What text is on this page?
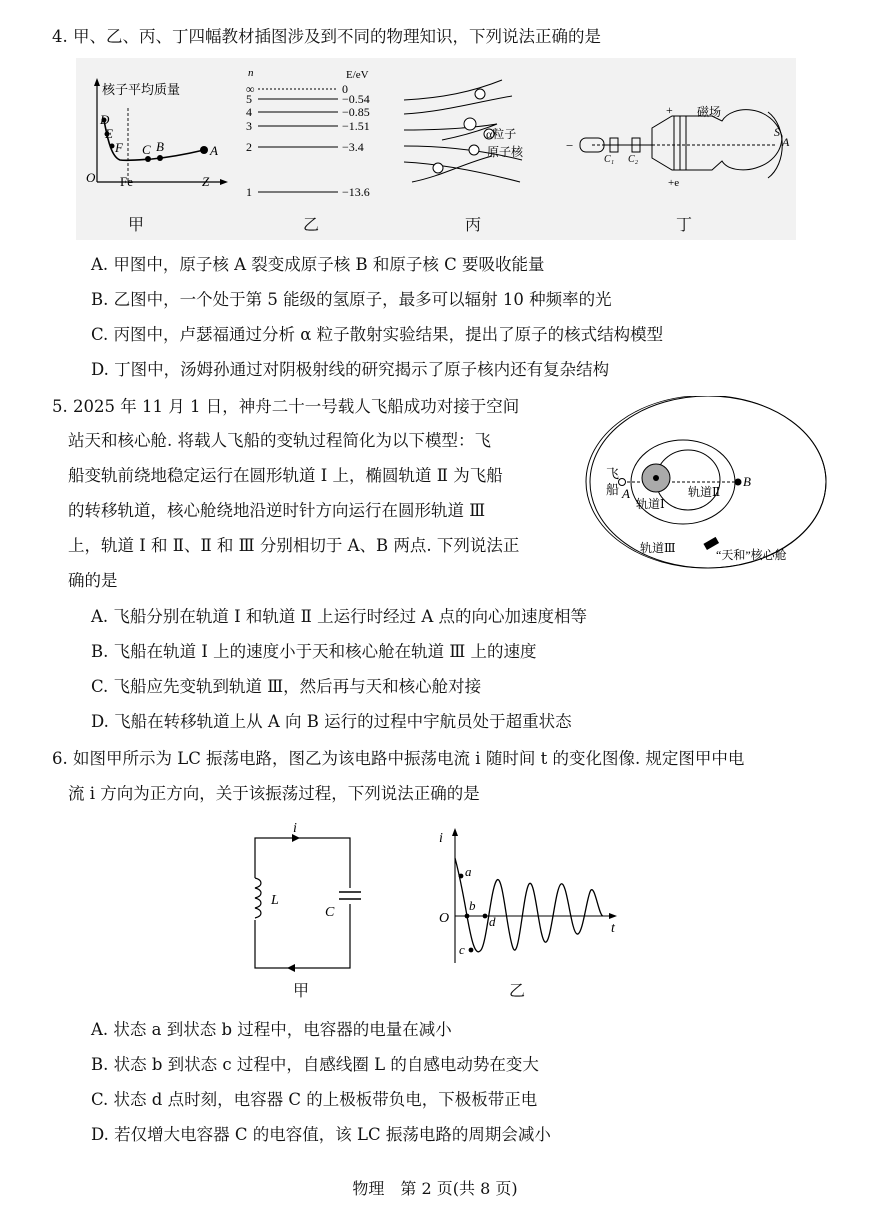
4. 甲、乙、丙、丁四幅教材插图涉及到不同的物理知识，下列说法正确的是
核子平均质量
D
E
F C B	A
O Fe	Z
甲
n	E/eV
∞
5
4
3
2
1
0
−0.54
−0.85
−1.51
−3.4
−13.6
乙
α粒子
原子核
丙
−
+ 磁场
C₁ C₂
S
A
+e
丁
A. 甲图中，原子核 A 裂变成原子核 B 和原子核 C 要吸收能量
B. 乙图中，一个处于第 5 能级的氢原子，最多可以辐射 10 种频率的光
C. 丙图中，卢瑟福通过分析 α 粒子散射实验结果，提出了原子的核式结构模型
D. 丁图中，汤姆孙通过对阴极射线的研究揭示了原子核内还有复杂结构
5. 2025 年 11 月 1 日，神舟二十一号载人飞船成功对接于空间
站天和核心舱. 将载人飞船的变轨过程简化为以下模型：飞
船变轨前绕地稳定运行在圆形轨道 Ⅰ 上，椭圆轨道 Ⅱ 为飞船
的转移轨道，核心舱绕地沿逆时针方向运行在圆形轨道 Ⅲ
上，轨道 Ⅰ 和 Ⅱ、Ⅱ 和 Ⅲ 分别相切于 A、B 两点. 下列说法正
确的是
飞
船 A
B
轨道Ⅰ
轨道Ⅱ
轨道Ⅲ	“天和”核心舱
A. 飞船分别在轨道 Ⅰ 和轨道 Ⅱ 上运行时经过 A 点的向心加速度相等
B. 飞船在轨道 Ⅰ 上的速度小于天和核心舱在轨道 Ⅲ 上的速度
C. 飞船应先变轨到轨道 Ⅲ，然后再与天和核心舱对接
D. 飞船在转移轨道上从 A 向 B 运行的过程中宇航员处于超重状态
6. 如图甲所示为 LC 振荡电路，图乙为该电路中振荡电流 i 随时间 t 的变化图像. 规定图甲中电
流 i 方向为正方向，关于该振荡过程，下列说法正确的是
i
L
C
甲
i
t
O
a
b
c
d
乙
A. 状态 a 到状态 b 过程中，电容器的电量在减小
B. 状态 b 到状态 c 过程中，自感线圈 L 的自感电动势在变大
C. 状态 d 点时刻，电容器 C 的上极板带负电，下极板带正电
D. 若仅增大电容器 C 的电容值，该 LC 振荡电路的周期会减小
物理　第 2 页(共 8 页)
